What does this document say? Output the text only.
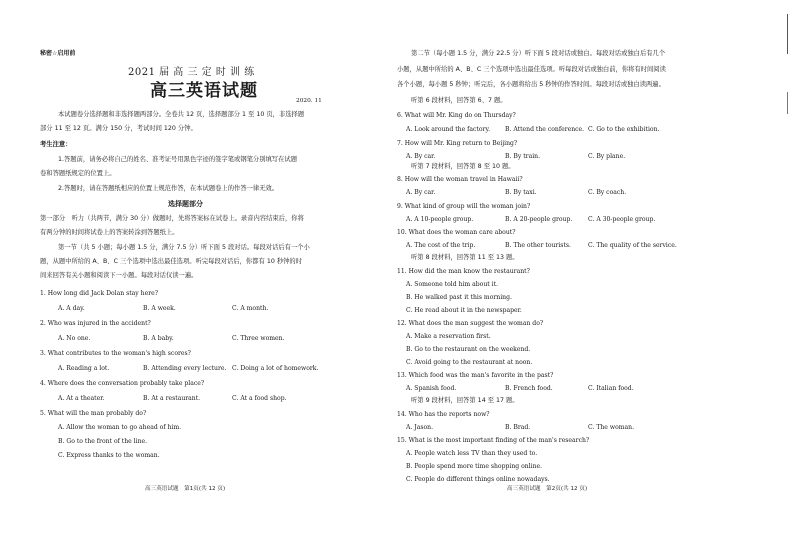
秘密☆启用前
2021 届 高 三 定 时 训 练
高三英语试题	2020. 11
本试题卷分选择题和非选择题两部分。全卷共 12 页，选择题部分 1 至 10 页，非选择题
部分 11 至 12 页。满分 150 分，考试时间 120 分钟。
考生注意：
1.答题前，请务必将自己的姓名、准考证号用黑色字迹的签字笔或钢笔分别填写在试题
卷和答题纸规定的位置上。
2.答题时，请在答题纸相应的位置上规范作答，在本试题卷上的作答一律无效。
选择题部分
第一部分　听力（共两节，满分 30 分）做题时，先将答案标在试卷上。录音内容结束后，你将
有两分钟的时间将试卷上的答案转涂到答题纸上。
第一节（共 5 小题；每小题 1.5 分，满分 7.5 分）听下面 5 段对话。每段对话后有一个小
题，从题中所给的 A、B、C 三个选项中选出最佳选项。听完每段对话后，你都有 10 秒钟的时
间来回答有关小题和阅读下一小题。每段对话仅读一遍。
1. How long did Jack Dolan stay here?
A. A day.	B. A week.	C. A month.
2. Who was injured in the accident?
A. No one.	B. A baby.	C. Three women.
3. What contributes to the woman's high scores?
A. Reading a lot.	B. Attending every lecture. C. Doing a lot of homework.
4. Where does the conversation probably take place?
A. At a theater.	B. At a restaurant.	C. At a food shop.
5. What will the man probably do?
A. Allow the woman to go ahead of him.
B. Go to the front of the line.
C. Express thanks to the woman.
高三英语试题　第1页(共 12 页)
第二节（每小题 1.5 分，满分 22.5 分）听下面 5 段对话或独白。每段对话或独白后有几个
小题，从题中所给的 A、B、C 三个选项中选出最佳选项。听每段对话或独白前，你将有时间阅读
各个小题，每小题 5 秒钟；听完后，各小题将给出 5 秒钟的作答时间。每段对话或独白读两遍。
听第 6 段材料，回答第 6、7 题。
6. What will Mr. King do on Thursday?
A. Look around the factory. B. Attend the conference. C. Go to the exhibition.
7. How will Mr. King return to Beijing?
A. By car.	B. By train.	C. By plane.
听第 7 段材料，回答第 8 至 10 题。
8. How will the woman travel in Hawaii?
A. By car.	B. By taxi.	C. By coach.
9. What kind of group will the woman join?
A. A 10-people group.	B. A 20-people group.	C. A 30-people group.
10. What does the woman care about?
A. The cost of the trip.	B. The other tourists.	C. The quality of the service.
听第 8 段材料，回答第 11 至 13 题。
11. How did the man know the restaurant?
A. Someone told him about it.
B. He walked past it this morning.
C. He read about it in the newspaper.
12. What does the man suggest the woman do?
A. Make a reservation first.
B. Go to the restaurant on the weekend.
C. Avoid going to the restaurant at noon.
13. Which food was the man's favorite in the past?
A. Spanish food.	B. French food.	C. Italian food.
听第 9 段材料，回答第 14 至 17 题。
14. Who has the reports now?
A. Jason.	B. Brad.	C. The woman.
15. What is the most important finding of the man's research?
A. People watch less TV than they used to.
B. People spend more time shopping online.
C. People do different things online nowadays.
高三英语试题　第2页(共 12 页)
